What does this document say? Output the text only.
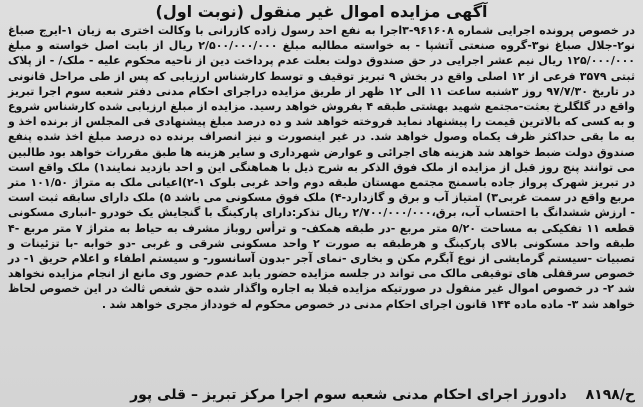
آگهی مزایده اموال غیر منقول (نوبت اول)

در خصوص پرونده اجرایی شماره ۹۶۱۶۰۸-۳اجرا به نفع احد رسول زاده کازرانی با وکالت اختری به زیان ۱-ایرج صباغ نو۲-جلال صباغ نو۳-گروه صنعتی آتشپا - به خواسته مطالبه مبلغ ۲/۵۰۰/۰۰۰/۰۰۰ ریال از بابت اصل خواسته و مبلغ ۱۲۵/۰۰۰/۰۰۰ ریال نیم عشر اجرایی در حق صندوق دولت بعلت عدم پرداخت دین از ناحیه محکوم علیه - ملک/ - از پلاک ثبتی ۳۵۷۹ فرعی از ۱۲ اصلی واقع در بخش ۹ تبریز توقیف و توسط کارشناس ارزیابی که پس از طی مراحل قانونی در تاریخ ۹۷/۷/۳۰ روز ۳شنبه ساعت ۱۱ الی ۱۲ ظهر از طریق مزایده دراجرای احکام مدنی دفتر شعبه سوم اجرا تبریز واقع در گلگلرخ بعثت-مجتمع شهید بهشتی طبقه ۴ بفروش خواهد رسید. مزایده از مبلغ ارزیابی شده کارشناس شروع و به کسی که بالاترین قیمت را پیشنهاد نماید فروخته خواهد شد و ده درصد مبلغ پیشنهادی فی المجلس از برنده اخذ و به ما بقی حداکثر ظرف یکماه وصول خواهد شد. در غیر اینصورت و نیز انصراف برنده ده درصد مبلغ اخذ شده پنفع صندوق دولت ضبط خواهد شد هزینه های اجرائی و عوارض شهرداری و سایر هزینه ها طبق مقررات خواهد بود طالبین می توانند پنج روز قبل از مزایده از ملک فوق الذکر به شرح ذیل با هماهنگی این و احد بازدید نمایند۱) ملک واقع است در تبریز شهرک پرواز جاده باسمنج مجتمع مهستان طبقه دوم واحد غربی بلوک ۱-۲)اعیانی ملک به متراژ ۱۰۱/۵۰ متر مربع واقع در سمت غربی۳) امتیاز آب و برق و گازدارد-۴) ملک فوق مسکونی می باشد ۵) ملک دارای سابقه ثبت است - ارزش ششدانگ با احتساب آب، برق،۲/۷۰۰/۰۰۰/۰۰۰ ریال تذکر:دارای پارکینگ با گنجایش یک خودرو -انباری مسکونی قطعه ۱۱ تفکیکی به مساحت ۵/۲۰ متر مربع -در طبقه همکف- و ترأس روباز مشرف به حیاط به متراژ ۷ متر مربع -۴ طبقه واحد مسکونی بالای پارکینگ و هرطبقه به صورت ۲ واحد مسکونی شرقی و غربی -دو خوابه -با تزئینات و تصبیات -سیستم گرمایشی از نوع آبگرم مکن و بخاری -نمای آجر -بدون آسانسور- و سیستم اطفاء و اعلام حریق ۱- در خصوص سرقفلی های توقیفی مالک می تواند در جلسه مزایده حضور یابد عدم حضور وی مانع از انجام مزایده نخواهد شد ۲- در خصوص اموال غیر منقول در صورتیکه مزایده قبلا به اجاره واگذار شده حق شغص ثالث در این خصوص لحاظ خواهد شد ۳- ماده ماده ۱۴۴ قانون اجرای احکام مدنی در خصوص محکوم له خودداز مجری خواهد شد .

ح/۸۱۹۸ دادورز اجرای احکام مدنی شعبه سوم اجرا مرکز تبریز – قلی پور
